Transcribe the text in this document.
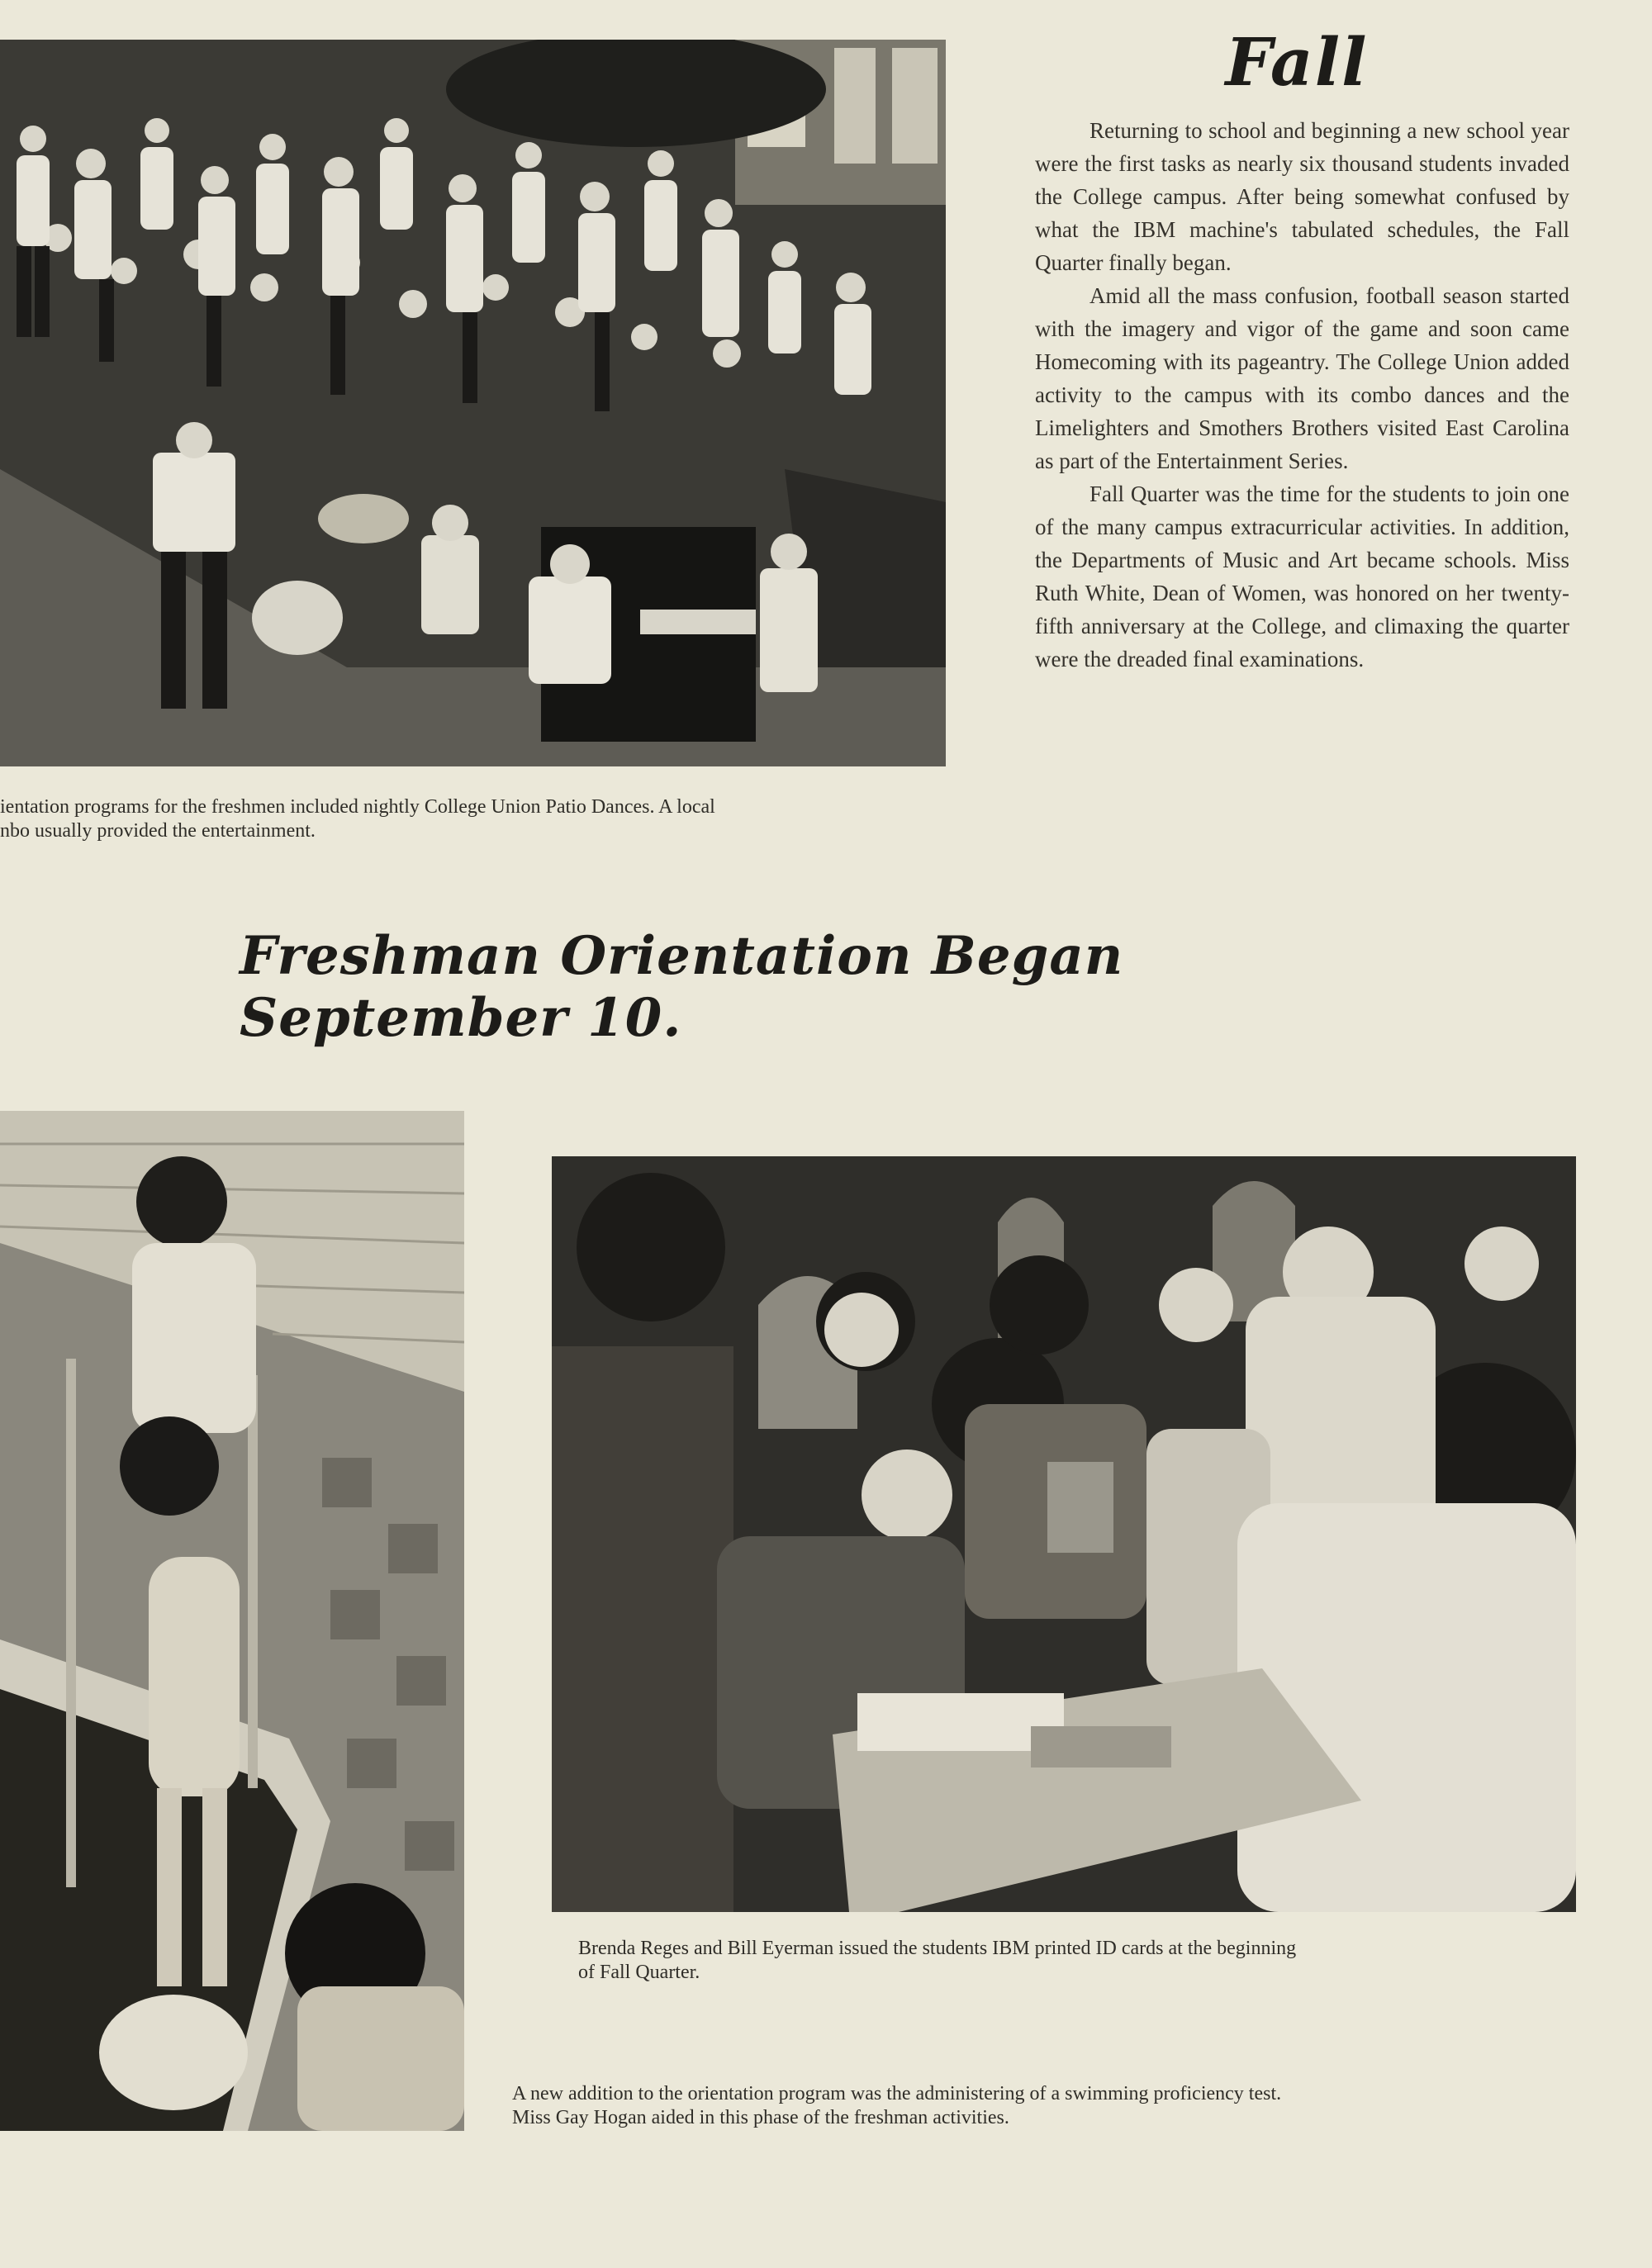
ientation programs for the freshmen included nightly College Union Patio Dances. A local
nbo usually provided the entertainment.
Fall

Returning to school and beginning a new school year were the first tasks as nearly six thousand students invaded the College campus. After being somewhat confused by what the IBM machine's tabulated schedules, the Fall Quarter finally began.

Amid all the mass confusion, football season started with the imagery and vigor of the game and soon came Homecoming with its pageantry. The College Union added activity to the campus with its combo dances and the Limelighters and Smothers Brothers visited East Carolina as part of the Entertainment Series.

Fall Quarter was the time for the students to join one of the many campus extracurricular activities. In addition, the Departments of Music and Art became schools. Miss Ruth White, Dean of Women, was honored on her twenty-fifth anniversary at the College, and climaxing the quarter were the dreaded final examinations.

Freshman Orientation Began September 10.
Brenda Reges and Bill Eyerman issued the students IBM printed ID cards at the beginning
of Fall Quarter.
A new addition to the orientation program was the administering of a swimming proficiency test.
Miss Gay Hogan aided in this phase of the freshman activities.
